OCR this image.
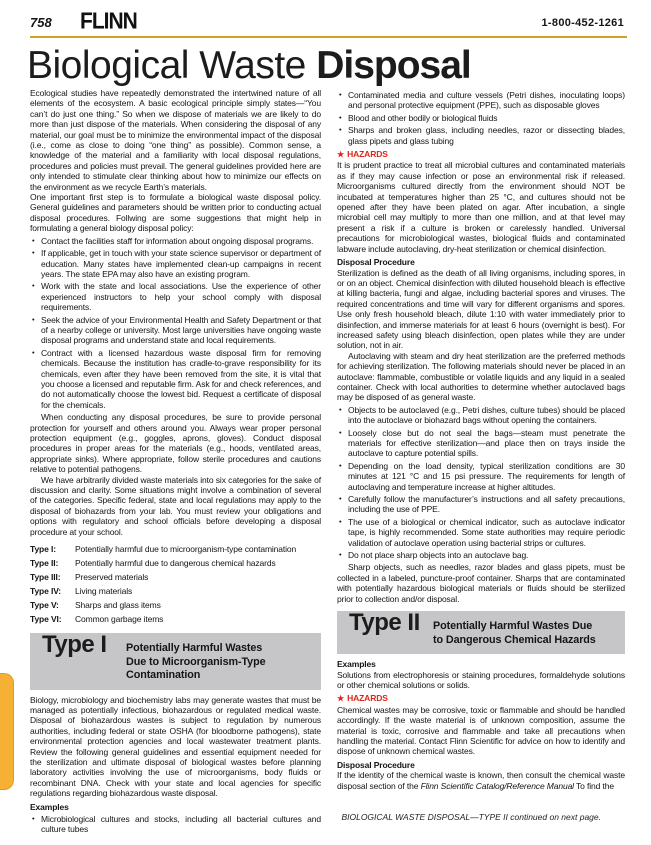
758 FLINN	1-800-452-1261
Biological Waste Disposal

Ecological studies have repeatedly demonstrated the intertwined nature of all elements of the ecosystem. A basic ecological principle simply states—“You can’t do just one thing.” So when we dispose of materials we are likely to do more than just dispose of the materials. When considering the disposal of any material, our goal must be to minimize the environmental impact of the disposal (i.e., come as close to doing “one thing” as possible). Common sense, a knowledge of the material and a familiarity with local disposal regulations, procedures and policies must prevail. The general guidelines provided here are only intended to stimulate clear thinking about how to minimize our effects on the environment as we recycle Earth’s materials.

One important first step is to formulate a biological waste disposal policy. General guidelines and parameters should be written prior to conducting actual disposal procedures. Follwing are some suggestions that might help in formulating a general biology disposal policy:

• Contact the facilities staff for information about ongoing disposal programs.
• If applicable, get in touch with your state science supervisor or department of education. Many states have implemented clean-up campaigns in recent years. The state EPA may also have an existing program.
• Work with the state and local associations. Use the experience of other experienced instructors to help your school comply with disposal requirements.
• Seek the advice of your Environmental Health and Safety Department or that of a nearby college or university. Most large universities have ongoing waste disposal programs and understand state and local requirements.
• Contract with a licensed hazardous waste disposal firm for removing chemicals. Because the institution has cradle-to-grave responsibility for its chemicals, even after they have been removed from the site, it is vital that you choose a licensed and reputable firm. Ask for and check references, and do not automatically choose the lowest bid. Request a certificate of disposal for the chemicals.

When conducting any disposal procedures, be sure to provide personal protection for yourself and others around you. Always wear proper personal protection equipment (e.g., goggles, aprons, gloves). Conduct disposal procedures in proper areas for the materials (e.g., hoods, ventilated areas, appropriate sinks). Where appropriate, follow sterile procedures and cautions relative to potential pathogens.

We have arbitrarily divided waste materials into six categories for the sake of discussion and clarity. Some situations might involve a combination of several of the categories. Specific federal, state and local regulations may apply to the disposal of biohazards from your lab. You must review your obligations and options with regulatory and school officials before developing a disposal procedure at your school.

Type I:	Potentially harmful due to microorganism-type contamination
Type II:	Potentially harmful due to dangerous chemical hazards
Type III:	Preserved materials
Type IV:	Living materials
Type V:	Sharps and glass items
Type VI:	Common garbage items
Type I	Potentially Harmful Wastes
Due to Microorganism-Type
Contamination

Biology, microbiology and biochemistry labs may generate wastes that must be managed as potentially infectious, biohazardous or regulated medical waste. Disposal of biohazardous wastes is subject to regulation by numerous authorities, including federal or state OSHA (for bloodborne pathogens), state environmental protection agencies and local wastewater treatment plants. Review the following general guidelines and essential equipment needed for the sterilization and ultimate disposal of biological wastes before planning laboratory activities involving the use of microorganisms, body fluids or recombinant DNA. Check with your state and local agencies for specific regulations regarding biohazardous waste disposal.

Examples
• Microbiological cultures and stocks, including all bacterial cultures and culture tubes
• Contaminated media and culture vessels (Petri dishes, inoculating loops) and personal protective equipment (PPE), such as disposable gloves
• Blood and other bodily or biological fluids
• Sharps and broken glass, including needles, razor or dissecting blades, glass pipets and glass tubing
★ HAZARDS

It is prudent practice to treat all microbial cultures and contaminated materials as if they may cause infection or pose an environmental risk if released. Microorganisms cultured directly from the environment should NOT be incubated at temperatures higher than 25 °C, and cultures should not be opened after they have been plated on agar. After incubation, a single microbial cell may multiply to more than one million, and at that level may present a risk if a culture is broken or carelessly handled. Universal precautions for microbiological wastes, biological fluids and contaminated labware include autoclaving, dry-heat sterilization or chemical disinfection.

Disposal Procedure

Sterilization is defined as the death of all living organisms, including spores, in or on an object. Chemical disinfection with diluted household bleach is effective at killing bacteria, fungi and algae, including bacterial spores and viruses. The required concentrations and time will vary for different organisms and spores. Use only fresh household bleach, dilute 1:10 with water immediately prior to disinfection, and immerse materials for at least 6 hours (overnight is best). For increased safety using bleach disinfection, open plates while they are under solution, not in air.

Autoclaving with steam and dry heat sterilization are the preferred methods for achieving sterilization. The following materials should never be placed in an autoclave: flammable, combustible or volatile liquids and any liquid in a sealed container. Check with local authorities to determine whether autoclaved bags may be disposed of as general waste.

• Objects to be autoclaved (e.g., Petri dishes, culture tubes) should be placed into the autoclave or biohazard bags without opening the containers.
• Loosely close but do not seal the bags—steam must penetrate the materials for effective sterilization—and place then on trays inside the autoclave to capture potential spills.
• Depending on the load density, typical sterilization conditions are 30 minutes at 121 °C and 15 psi pressure. The requirements for length of autoclaving and temperature increase at higher altitudes.
• Carefully follow the manufacturer’s instructions and all safety precautions, including the use of PPE.
• The use of a biological or chemical indicator, such as autoclave indicator tape, is highly recommended. Some state authorities may require periodic validation of autoclave operation using bacterial strips or cultures.
• Do not place sharp objects into an autoclave bag.

Sharp objects, such as needles, razor blades and glass pipets, must be collected in a labeled, puncture-proof container. Sharps that are contaminated with potentially hazardous biological materials or fluids should be sterilized prior to collection and/or disposal.

Type II	Potentially Harmful Wastes Due
to Dangerous Chemical Hazards
Examples

Solutions from electrophoresis or staining procedures, formaldehyde solutions or other chemical solutions or solids.

★ HAZARDS

Chemical wastes may be corrosive, toxic or flammable and should be handled accordingly. If the waste material is of unknown composition, assume the material is toxic, corrosive and flammable and take all precautions when handling the material. Contact Flinn Scientific for advice on how to identify and dispose of unknown chemical wastes.

Disposal Procedure

If the identity of the chemical waste is known, then consult the chemical waste disposal section of the Flinn Scientific Catalog/Reference Manual To find the

BIOLOGICAL WASTE DISPOSAL—TYPE II continued on next page.
